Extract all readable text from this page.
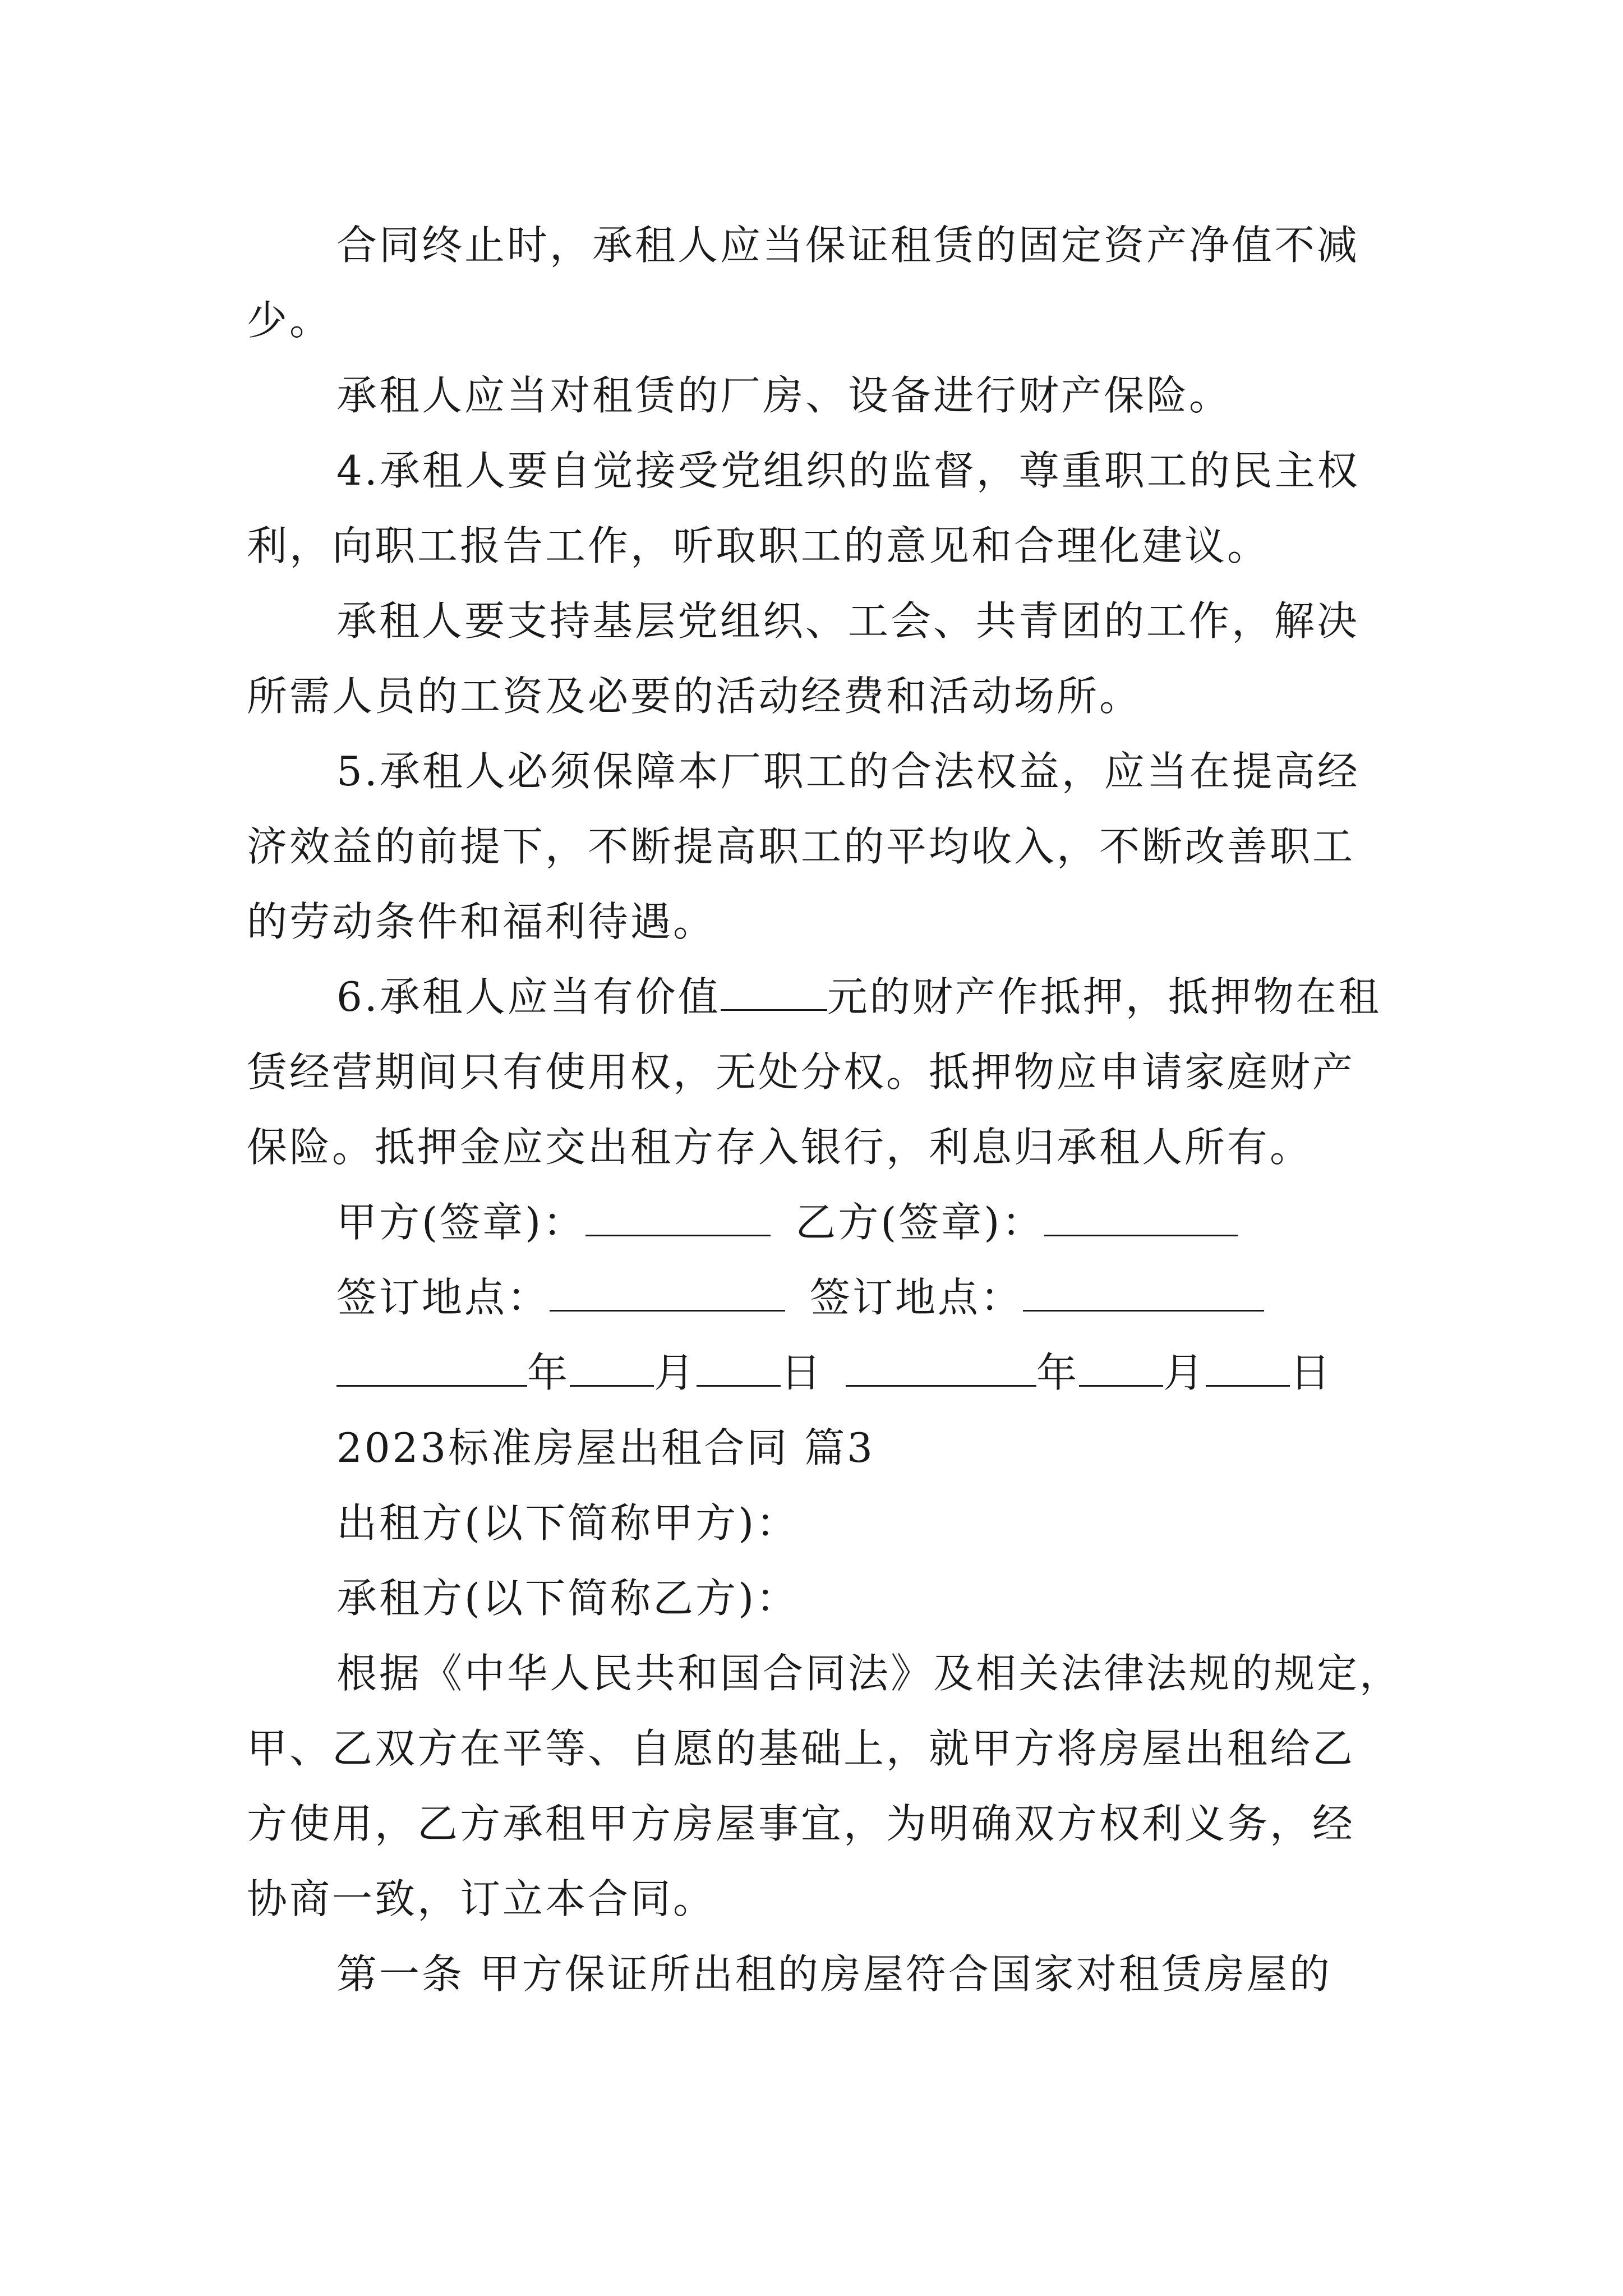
合同终止时，承租人应当保证租赁的固定资产净值不减
少。
承租人应当对租赁的厂房、设备进行财产保险。
4.承租人要自觉接受党组织的监督，尊重职工的民主权
利，向职工报告工作，听取职工的意见和合理化建议。
承租人要支持基层党组织、工会、共青团的工作，解决
所需人员的工资及必要的活动经费和活动场所。
5.承租人必须保障本厂职工的合法权益，应当在提高经
济效益的前提下，不断提高职工的平均收入，不断改善职工
的劳动条件和福利待遇。
6.承租人应当有价值	元的财产作抵押，抵押物在租
赁经营期间只有使用权，无处分权。抵押物应申请家庭财产
保险。抵押金应交出租方存入银行，利息归承租人所有。
甲方(签章)：	乙方(签章)：
签订地点：	签订地点：
年 月 日	年 月 日
2023标准房屋出租合同 篇3
出租方(以下简称甲方)：
承租方(以下简称乙方)：
根据《中华人民共和国合同法》及相关法律法规的规定，
甲、乙双方在平等、自愿的基础上，就甲方将房屋出租给乙
方使用，乙方承租甲方房屋事宜，为明确双方权利义务，经
协商一致，订立本合同。
第一条 甲方保证所出租的房屋符合国家对租赁房屋的
